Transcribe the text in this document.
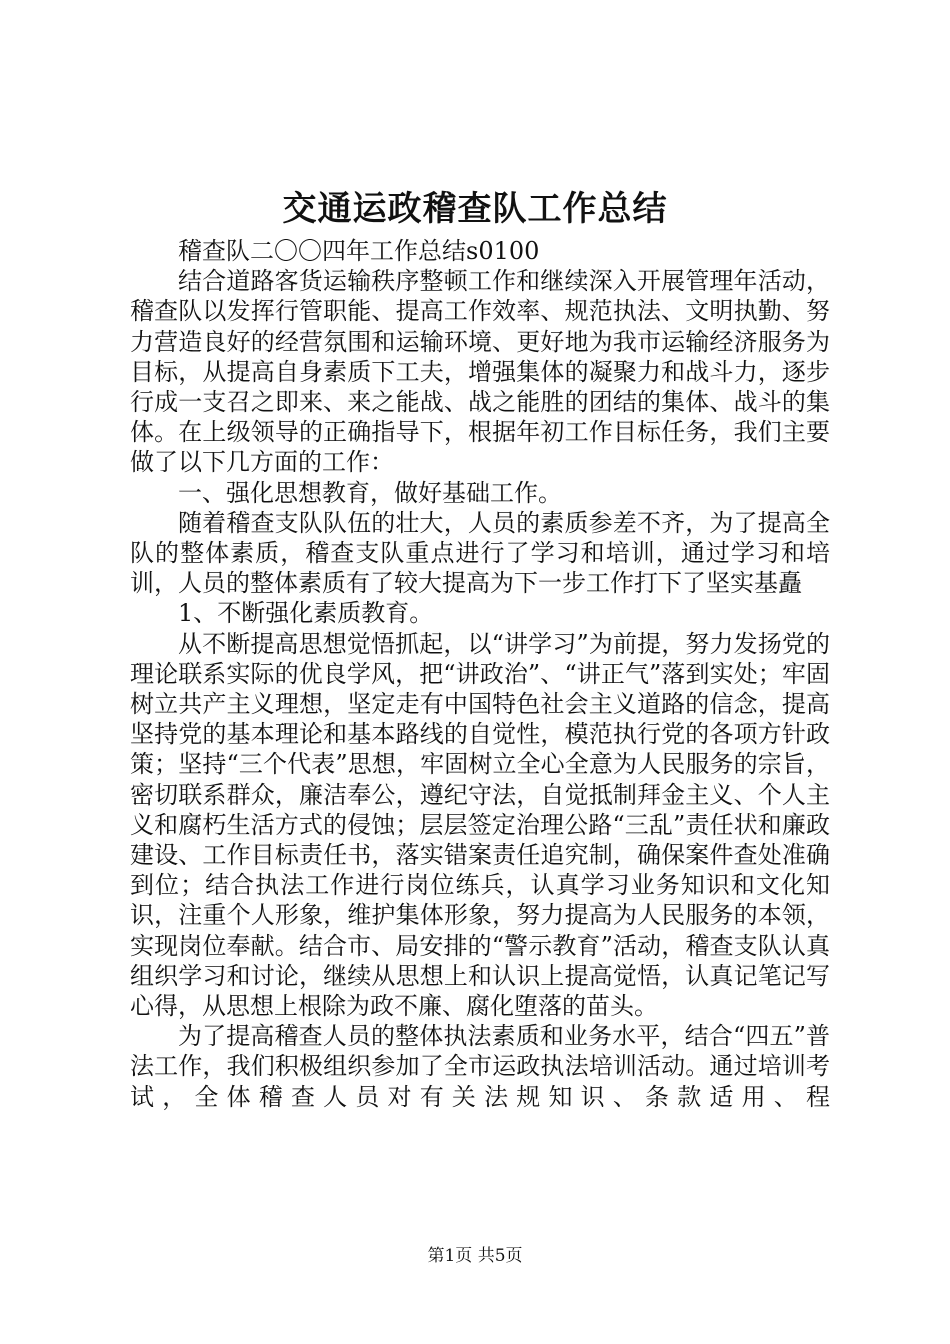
交通运政稽查队工作总结

稽查队二〇〇四年工作总结s0100

结合道路客货运输秩序整顿工作和继续深入开展管理年活动，稽查队以发挥行管职能、提高工作效率、规范执法、文明执勤、努力营造良好的经营氛围和运输环境、更好地为我市运输经济服务为目标，从提高自身素质下工夫，增强集体的凝聚力和战斗力，逐步行成一支召之即来、来之能战、战之能胜的团结的集体、战斗的集体。在上级领导的正确指导下，根据年初工作目标任务，我们主要做了以下几方面的工作：

一、强化思想教育，做好基础工作。

随着稽查支队队伍的壮大，人员的素质参差不齐，为了提高全队的整体素质，稽查支队重点进行了学习和培训，通过学习和培训，人员的整体素质有了较大提高为下一步工作打下了坚实基矗

1、不断强化素质教育。

从不断提高思想觉悟抓起，以“讲学习”为前提，努力发扬党的理论联系实际的优良学风，把“讲政治”、“讲正气”落到实处；牢固树立共产主义理想，坚定走有中国特色社会主义道路的信念，提高坚持党的基本理论和基本路线的自觉性，模范执行党的各项方针政策；坚持“三个代表”思想，牢固树立全心全意为人民服务的宗旨，密切联系群众，廉洁奉公，遵纪守法，自觉抵制拜金主义、个人主义和腐朽生活方式的侵蚀；层层签定治理公路“三乱”责任状和廉政建设、工作目标责任书，落实错案责任追究制，确保案件查处准确到位；结合执法工作进行岗位练兵，认真学习业务知识和文化知识，注重个人形象，维护集体形象，努力提高为人民服务的本领，实现岗位奉献。结合市、局安排的“警示教育”活动，稽查支队认真组织学习和讨论，继续从思想上和认识上提高觉悟，认真记笔记写心得，从思想上根除为政不廉、腐化堕落的苗头。

为了提高稽查人员的整体执法素质和业务水平，结合“四五”普法工作，我们积极组织参加了全市运政执法培训活动。通过培训考试，全体稽查人员对有关法规知识、条款适用、程

第1页 共5页
